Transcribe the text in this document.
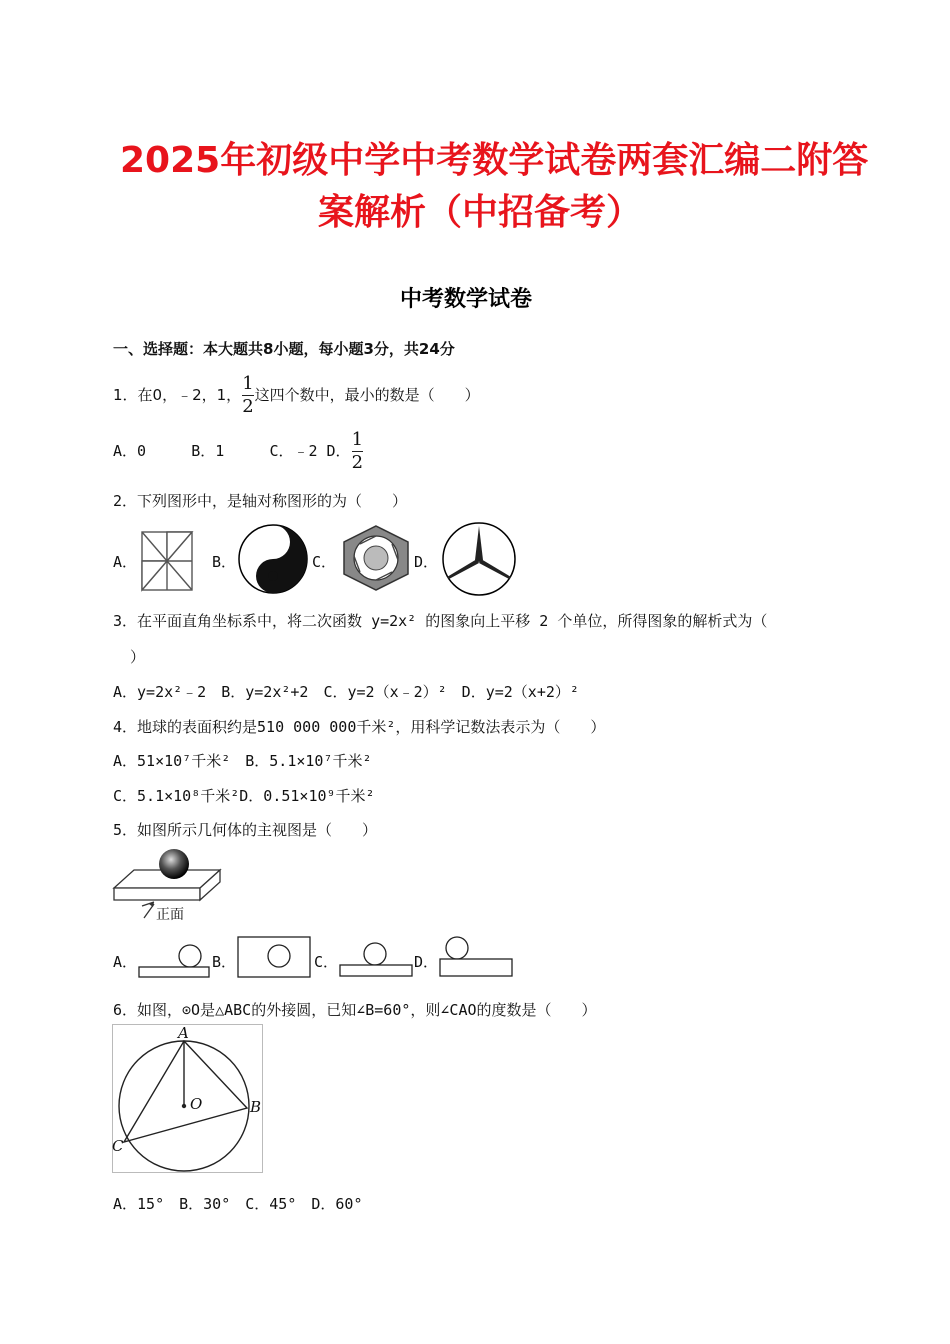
2025年初级中学中考数学试卷两套汇编二附答
案解析（中招备考）
中考数学试卷
一、选择题：本大题共8小题，每小题3分，共24分
1．在0，﹣2，1， $\frac{1}{2}$ 这四个数中，最小的数是（　　）
A．0	B．1	C．﹣2 D． $\frac{1}{2}$
2．下列图形中，是轴对称图形的为（　　）
A．	B．	C．	D．
3．在平面直角坐标系中，将二次函数 y=2x² 的图象向上平移 2 个单位，所得图象的解析式为（
）
A．y=2x²﹣2　B．y=2x²+2　C．y=2（x﹣2）²　D．y=2（x+2）²
4．地球的表面积约是510 000 000千米²，用科学记数法表示为（　　）
A．51×10⁷千米²　B．5.1×10⁷千米²
C．5.1×10⁸千米²D．0.51×10⁹千米²
5．如图所示几何体的主视图是（　　）
正面
A．	B．	C．	D．
6．如图，⊙O是△ABC的外接圆，已知∠B=60°，则∠CAO的度数是（　　）
A
B
C
O
A．15°　B．30°　C．45°　D．60°
